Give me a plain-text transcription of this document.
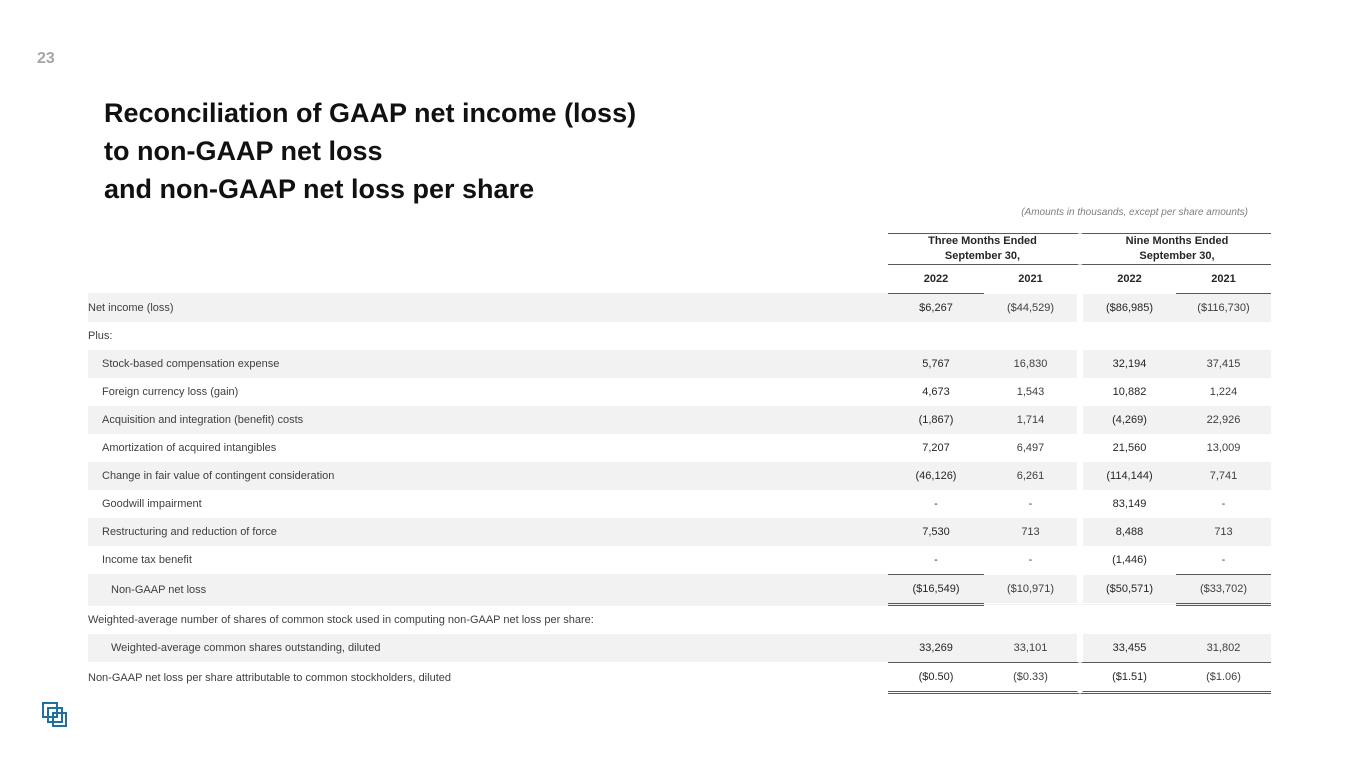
23
Reconciliation of GAAP net income (loss)
to non-GAAP net loss
and non-GAAP net loss per share
(Amounts in thousands, except per share amounts)
	Three Months Ended
September 30,		Nine Months Ended
September 30,	
	2022	2021	2022	2021
Net income (loss)	$6,267	($44,529)	($86,985)	($116,730)
Plus:				
Stock-based compensation expense	5,767	16,830	32,194	37,415
Foreign currency loss (gain)	4,673	1,543	10,882	1,224
Acquisition and integration (benefit) costs	(1,867)	1,714	(4,269)	22,926
Amortization of acquired intangibles	7,207	6,497	21,560	13,009
Change in fair value of contingent consideration	(46,126)	6,261	(114,144)	7,741
Goodwill impairment	-	-	83,149	-
Restructuring and reduction of force	7,530	713	8,488	713
Income tax benefit	-	-	(1,446)	-
Non-GAAP net loss	($16,549)	($10,971)	($50,571)	($33,702)
Weighted-average number of shares of common stock used in computing non-GAAP net loss per share:				
Weighted-average common shares outstanding, diluted	33,269	33,101	33,455	31,802
Non-GAAP net loss per share attributable to common stockholders, diluted	($0.50)	($0.33)	($1.51)	($1.06)
